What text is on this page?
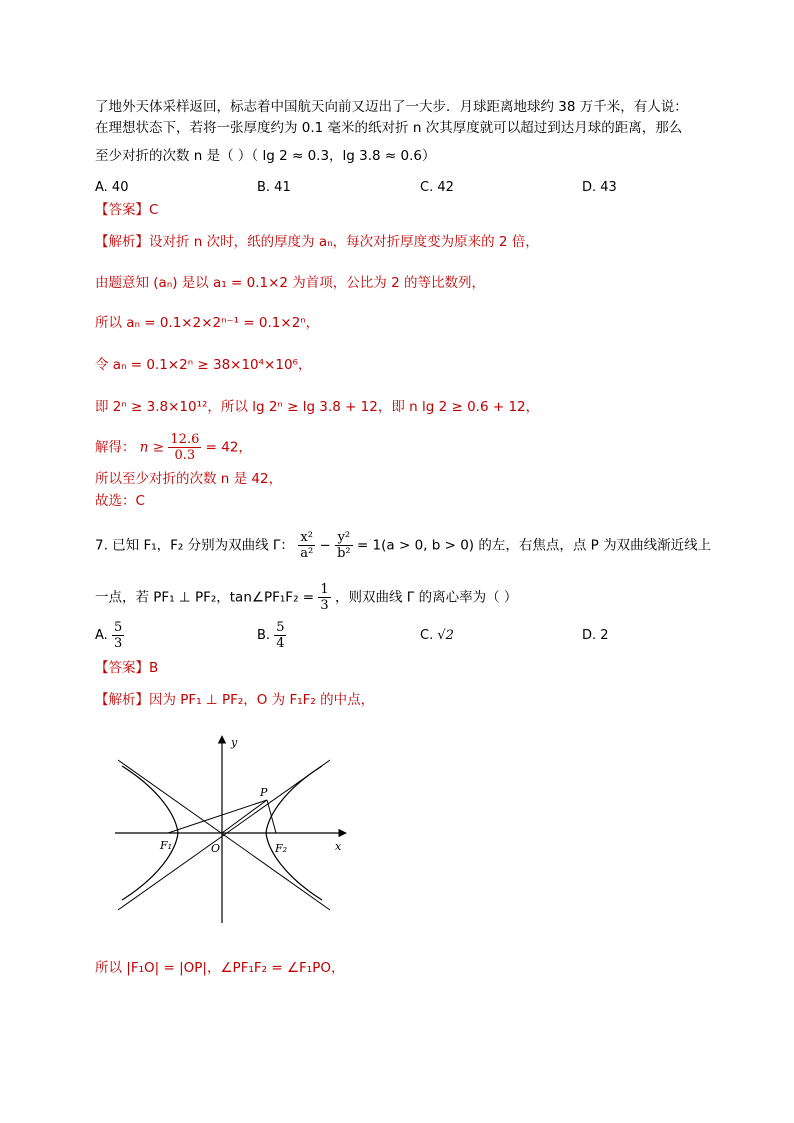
了地外天体采样返回，标志着中国航天向前又迈出了一大步．月球距离地球约 38 万千米，有人说：
在理想状态下，若将一张厚度约为 0.1 毫米的纸对折 n 次其厚度就可以超过到达月球的距离，那么
至少对折的次数 n 是（ ）（ lg 2 ≈ 0.3，lg 3.8 ≈ 0.6）
A. 40	B. 41	C. 42	D. 43
【答案】C
【解析】设对折 n 次时，纸的厚度为 aₙ，每次对折厚度变为原来的 2 倍，
由题意知 (aₙ) 是以 a₁ = 0.1×2 为首项，公比为 2 的等比数列，
所以 aₙ = 0.1×2×2ⁿ⁻¹ = 0.1×2ⁿ，
令 aₙ = 0.1×2ⁿ ≥ 38×10⁴×10⁶，
即 2ⁿ ≥ 3.8×10¹²，所以 lg 2ⁿ ≥ lg 3.8 + 12，即 n lg 2 ≥ 0.6 + 12，
解得： $n \ge \frac{12.6}{0.3} = 42$，
所以至少对折的次数 n 是 42，
故选：C
7. 已知 F₁，F₂ 分别为双曲线 Γ： $\frac{\text{x²}}{\text{a²}} - \frac{\text{y²}}{\text{b²}} = 1(a > 0$, b > 0) 的左，右焦点，点 P 为双曲线渐近线上
一点，若 PF₁ ⊥ PF₂，tan∠PF₁F₂ = $\frac{1}{3}$ ，则双曲线 Γ 的离心率为（ ）
A. $\frac{5}{3}$	B. $\frac{5}{4}$	C. √2	D. 2
【答案】B
【解析】因为 PF₁ ⊥ PF₂，O 为 F₁F₂ 的中点，
y
x
P
O
F₁	F₂
所以 |F₁O| = |OP|，∠PF₁F₂ = ∠F₁PO，
